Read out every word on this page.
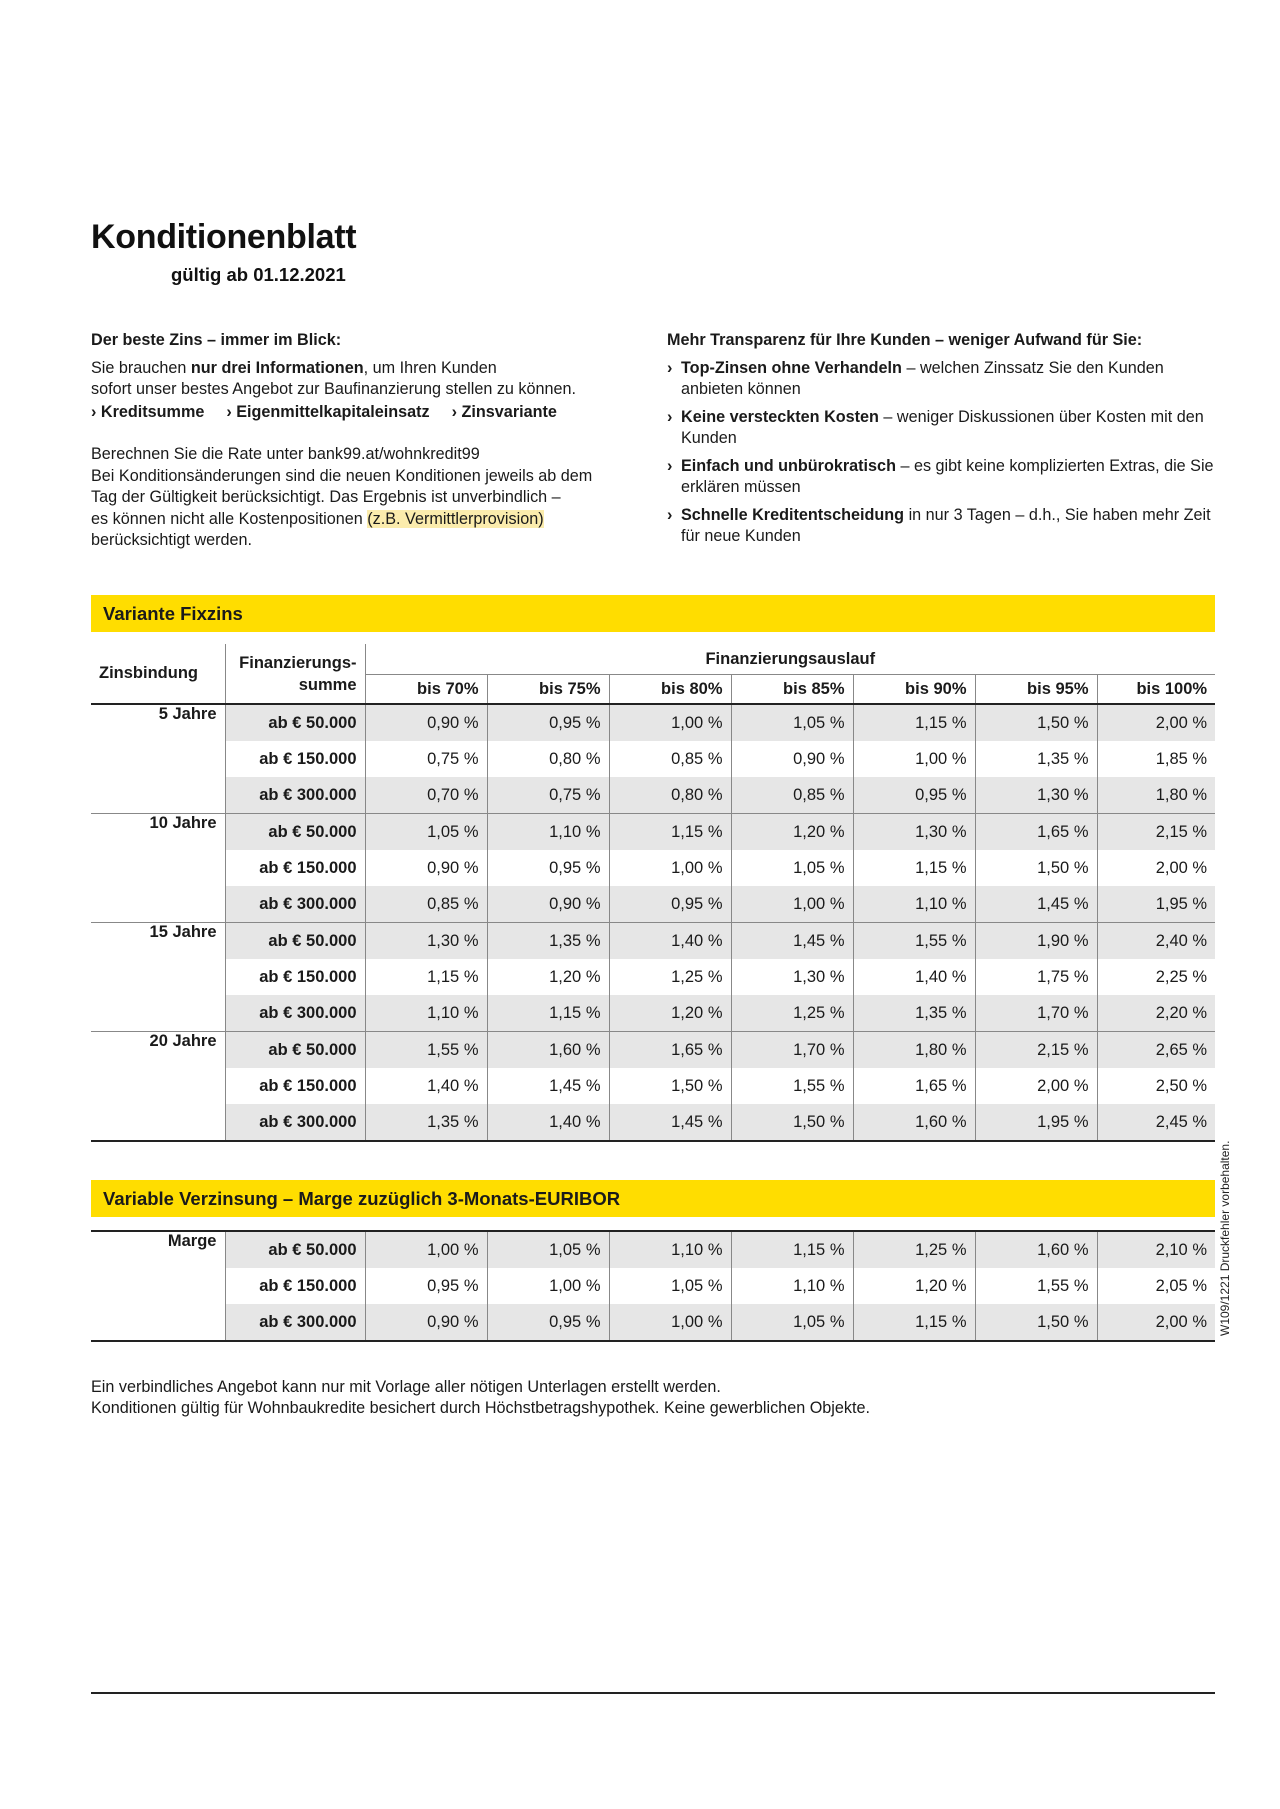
Konditionenblatt
gültig ab 01.12.2021
Der beste Zins – immer im Blick:

Sie brauchen nur drei Informationen, um Ihren Kunden

sofort unser bestes Angebot zur Baufinanzierung stellen zu können.

› Kreditsumme	› Eigenmittelkapitaleinsatz	› Zinsvariante

Berechnen Sie die Rate unter bank99.at/wohnkredit99

Bei Konditionsänderungen sind die neuen Konditionen jeweils ab dem

Tag der Gültigkeit berücksichtigt. Das Ergebnis ist unverbindlich –

es können nicht alle Kostenpositionen (z.B. Vermittlerprovision)

berücksichtigt werden.

Mehr Transparenz für Ihre Kunden – weniger Aufwand für Sie:
› Top-Zinsen ohne Verhandeln – welchen Zinssatz Sie den Kunden anbieten können
› Keine versteckten Kosten – weniger Diskussionen über Kosten mit den Kunden
› Einfach und unbürokratisch – es gibt keine komplizierten Extras, die Sie erklären müssen
› Schnelle Kreditentscheidung in nur 3 Tagen – d.h., Sie haben mehr Zeit für neue Kunden
Variante Fixzins
Zinsbindung	Finanzierungs-
summe	Finanzierungsauslauf						
		bis 70%	bis 75%	bis 80%	bis 85%	bis 90%	bis 95%	bis 100%
5 Jahre	ab € 50.000	0,90 %	0,95 %	1,00 %	1,05 %	1,15 %	1,50 %	2,00 %
	ab € 150.000	0,75 %	0,80 %	0,85 %	0,90 %	1,00 %	1,35 %	1,85 %
	ab € 300.000	0,70 %	0,75 %	0,80 %	0,85 %	0,95 %	1,30 %	1,80 %
10 Jahre	ab € 50.000	1,05 %	1,10 %	1,15 %	1,20 %	1,30 %	1,65 %	2,15 %
	ab € 150.000	0,90 %	0,95 %	1,00 %	1,05 %	1,15 %	1,50 %	2,00 %
	ab € 300.000	0,85 %	0,90 %	0,95 %	1,00 %	1,10 %	1,45 %	1,95 %
15 Jahre	ab € 50.000	1,30 %	1,35 %	1,40 %	1,45 %	1,55 %	1,90 %	2,40 %
	ab € 150.000	1,15 %	1,20 %	1,25 %	1,30 %	1,40 %	1,75 %	2,25 %
	ab € 300.000	1,10 %	1,15 %	1,20 %	1,25 %	1,35 %	1,70 %	2,20 %
20 Jahre	ab € 50.000	1,55 %	1,60 %	1,65 %	1,70 %	1,80 %	2,15 %	2,65 %
	ab € 150.000	1,40 %	1,45 %	1,50 %	1,55 %	1,65 %	2,00 %	2,50 %
	ab € 300.000	1,35 %	1,40 %	1,45 %	1,50 %	1,60 %	1,95 %	2,45 %
Variable Verzinsung – Marge zuzüglich 3-Monats-EURIBOR
Marge	ab € 50.000	1,00 %	1,05 %	1,10 %	1,15 %	1,25 %	1,60 %	2,10 %
	ab € 150.000	0,95 %	1,00 %	1,05 %	1,10 %	1,20 %	1,55 %	2,05 %
	ab € 300.000	0,90 %	0,95 %	1,00 %	1,05 %	1,15 %	1,50 %	2,00 %

Ein verbindliches Angebot kann nur mit Vorlage aller nötigen Unterlagen erstellt werden.

Konditionen gültig für Wohnbaukredite besichert durch Höchstbetragshypothek. Keine gewerblichen Objekte.

W109/1221 Druckfehler vorbehalten.
